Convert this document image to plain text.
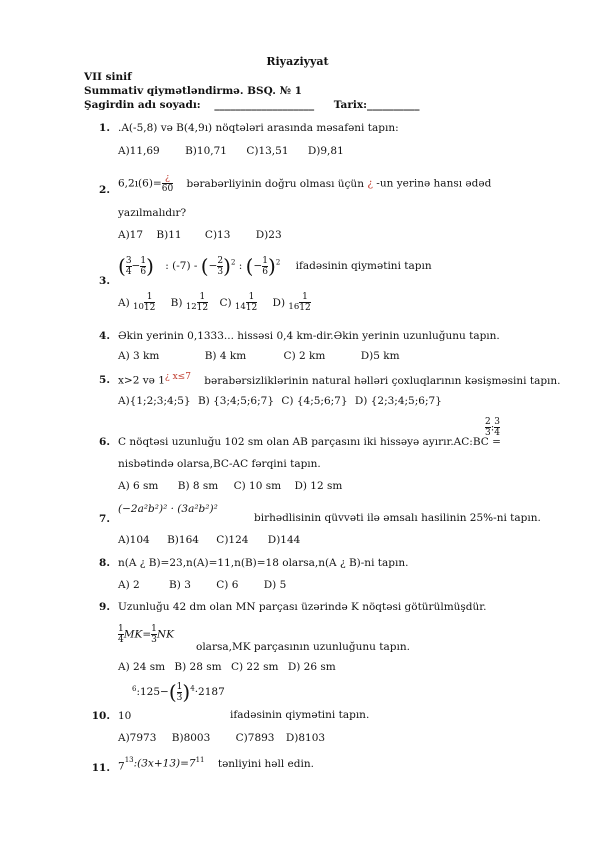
Riyaziyyat
VII sinif
Summativ qiymətləndirmə. BSQ. № 1
Şagirdin adı soyadı: ___________________ Tarix:__________
1. .A(-5,8) və B(4,9ı) nöqtələri arasında məsafəni tapın:
A)11,69 B)10,71 C)13,51 D)9,81
2.
6,2ı(6)= $\frac{¿}{60}$ bərabərliyinin doğru olması üçün ¿ -un yerinə hansı ədəd
yazılmalıdır?
A)17 B)11 C)13 D)23
3.
( $\frac{3}{4} - \frac{1}{6}$ ) : (-7) - (− $\frac{2}{3} )^2$ : (− $\frac{1}{6} )^2$ ifadəsinin qiymətini tapın
A) $_{10} \frac{1}{12} B$) $_{12} \frac{1}{12} C$) $_{14} \frac{1}{12} D$) $_{16} \frac{1}{12}$
4. Əkin yerinin 0,1333... hissəsi 0,4 km-dir.Əkin yerinin uzunluğunu tapın.
A) 3 km	B) 4 km	C) 2 km	D)5 km
5. x>2 və 1¿ x≤7 bərabərsizliklərinin natural həlləri çoxluqlarının kəsişməsini tapın.
A){1;2;3;4;5} B) {3;4;5;6;7} C) {4;5;6;7} D) {2;3;4;5;6;7}
6. C nöqtəsi uzunluğu 102 sm olan AB parçasını iki hissəyə ayırır.AC:BC =
$\frac{2}{3}$ : $\frac{3}{4}$
nisbətində olarsa,BC-AC fərqini tapın.
A) 6 sm B) 8 sm C) 10 sm D) 12 sm
7.
(−2a²b²)² · (3a²b²)²
birhədlisinin qüvvəti ilə əmsalı hasilinin 25%-ni tapın.
A)104 B)164 C)124 D)144
8. n(A ¿ B)=23,n(A)=11,n(B)=18 olarsa,n(A ¿ B)-ni tapın.
A) 2	B) 3 C) 6 D) 5
9. Uzunluğu 42 dm olan MN parçası üzərində K nöqtəsi götürülmüşdür.
$\frac{1}{4} MK= \frac{1}{3}$ NK
olarsa,MK parçasının uzunluğunu tapın.
A) 24 sm B) 28 sm C) 22 sm D) 26 sm
10.
$^6$:125−( $\frac{1}{3} )^4\cdot 2187$
10	ifadəsinin qiymətini tapın.
A)7973 B)8003 C)7893 D)8103
11. $7^{13}:(3x+13)=7^{11}$ tənliyini həll edin.
